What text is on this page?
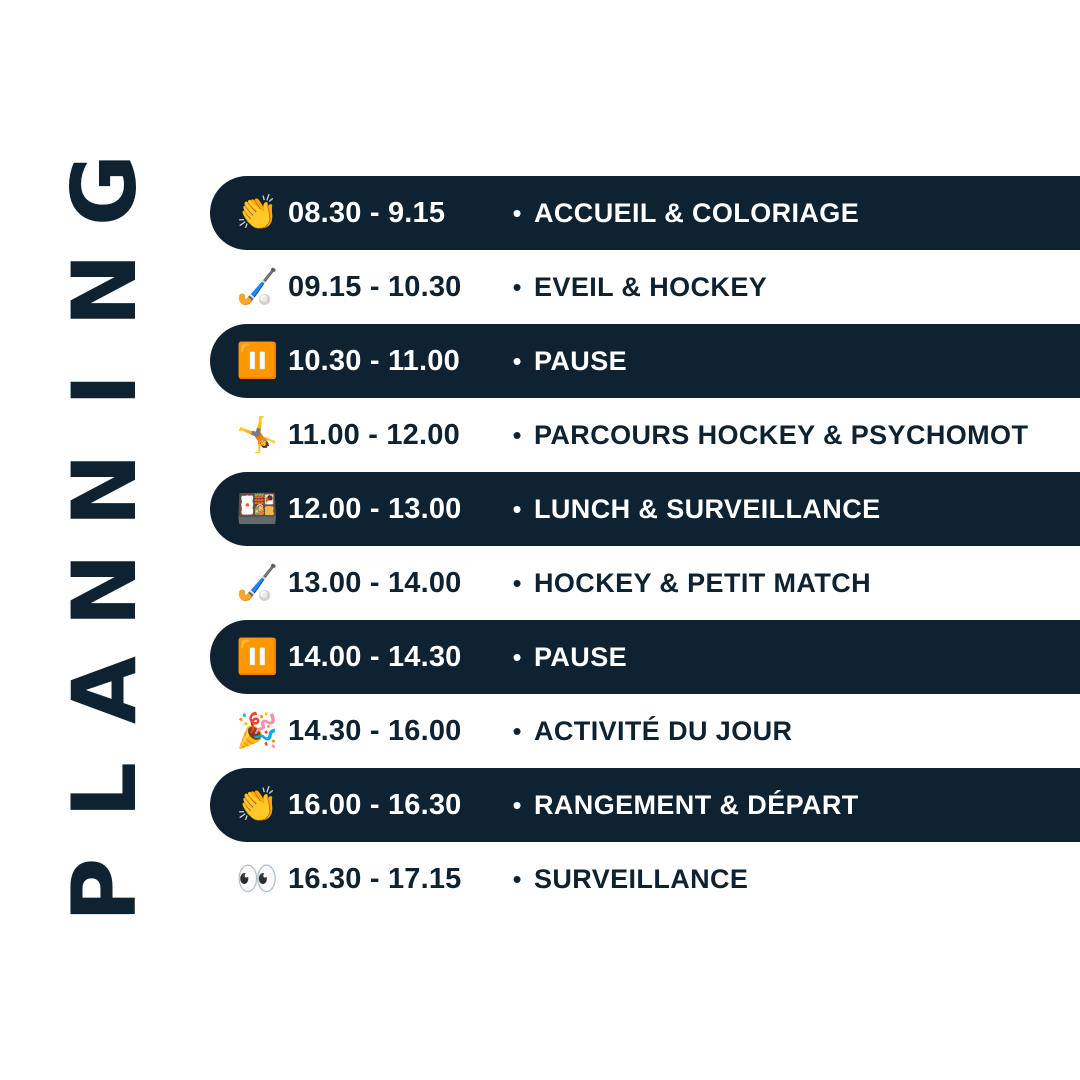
P
L
A
N
N
I
N
G 👏 08.30 - 9.15	• ACCUEIL & COLORIAGE
🏑 09.15 - 10.30	• EVEIL & HOCKEY
⏸️ 10.30 - 11.00	• PAUSE
🤸 11.00 - 12.00	• PARCOURS HOCKEY & PSYCHOMOT
🍱 12.00 - 13.00	• LUNCH & SURVEILLANCE
🏑 13.00 - 14.00	• HOCKEY & PETIT MATCH
⏸️ 14.00 - 14.30	• PAUSE
🎉 14.30 - 16.00	• ACTIVITÉ DU JOUR
👏 16.00 - 16.30	• RANGEMENT & DÉPART
👀 16.30 - 17.15	• SURVEILLANCE
